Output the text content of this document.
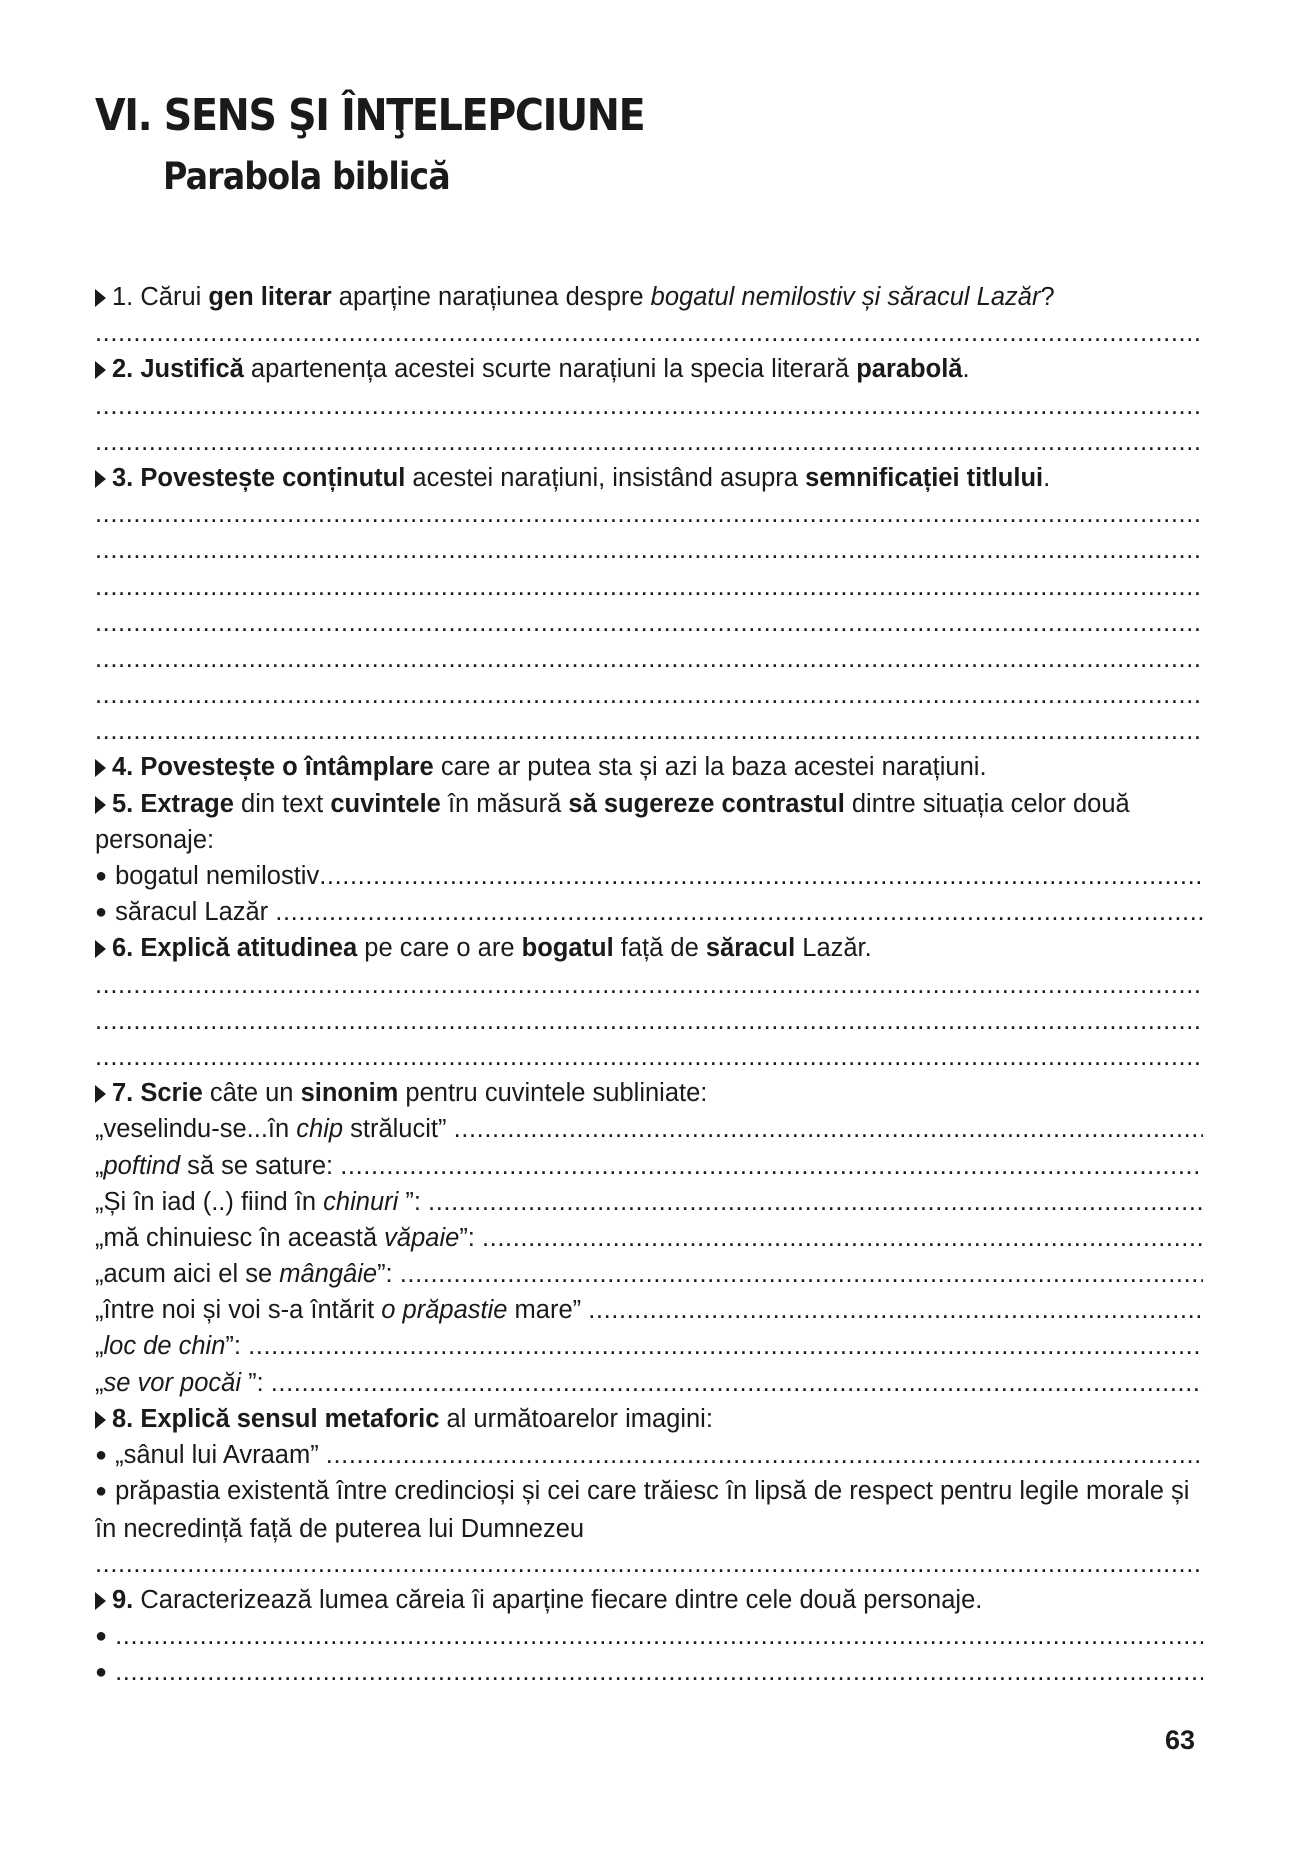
VI. SENS ŞI ÎNŢELEPCIUNE
Parabola biblică
1. Cărui gen literar aparține narațiunea despre bogatul nemilostiv și săracul Lazăr ?
.....
2. Justifică apartenența acestei scurte narațiuni la specia literară parabolă .
.....
.....
3. Povestește conținutul acestei narațiuni, insistând asupra semnificației titlului .
.....
.....
.....
.....
.....
.....
.....
4. Povestește o întâmplare care ar putea sta și azi la baza acestei narațiuni.
5. Extrage din text cuvintele în măsură să sugereze contrastul dintre situația celor două personaje:
● bogatul nemilostiv
.....
● săracul Lazăr

.....
6. Explică atitudinea pe care o are bogatul față de săracul Lazăr.
.....
.....
.....
7. Scrie câte un sinonim pentru cuvintele subliniate:
„veselindu-se...în chip strălucit”
.....
„ poftind să se sature:
.....
„Și în iad (..) fiind în chinuri ”:
.....
„mă chinuiesc în această văpaie ”:
.....
„acum aici el se mângâie ”:
.....
„între noi și voi s-a întărit o prăpastie mare”
.....
„ loc de chin ”:
.....
„ se vor pocăi ”:
.....
8. Explică sensul metaforic al următoarelor imagini:
● „sânul lui Avraam”
.....
● prăpastia existentă între credincioși și cei care trăiesc în lipsă de respect pentru legile morale și în necredință față de puterea lui Dumnezeu
.....
9. Caracterizează lumea căreia îi aparține fiecare dintre cele două personaje.
●
.....
●
.....
63
